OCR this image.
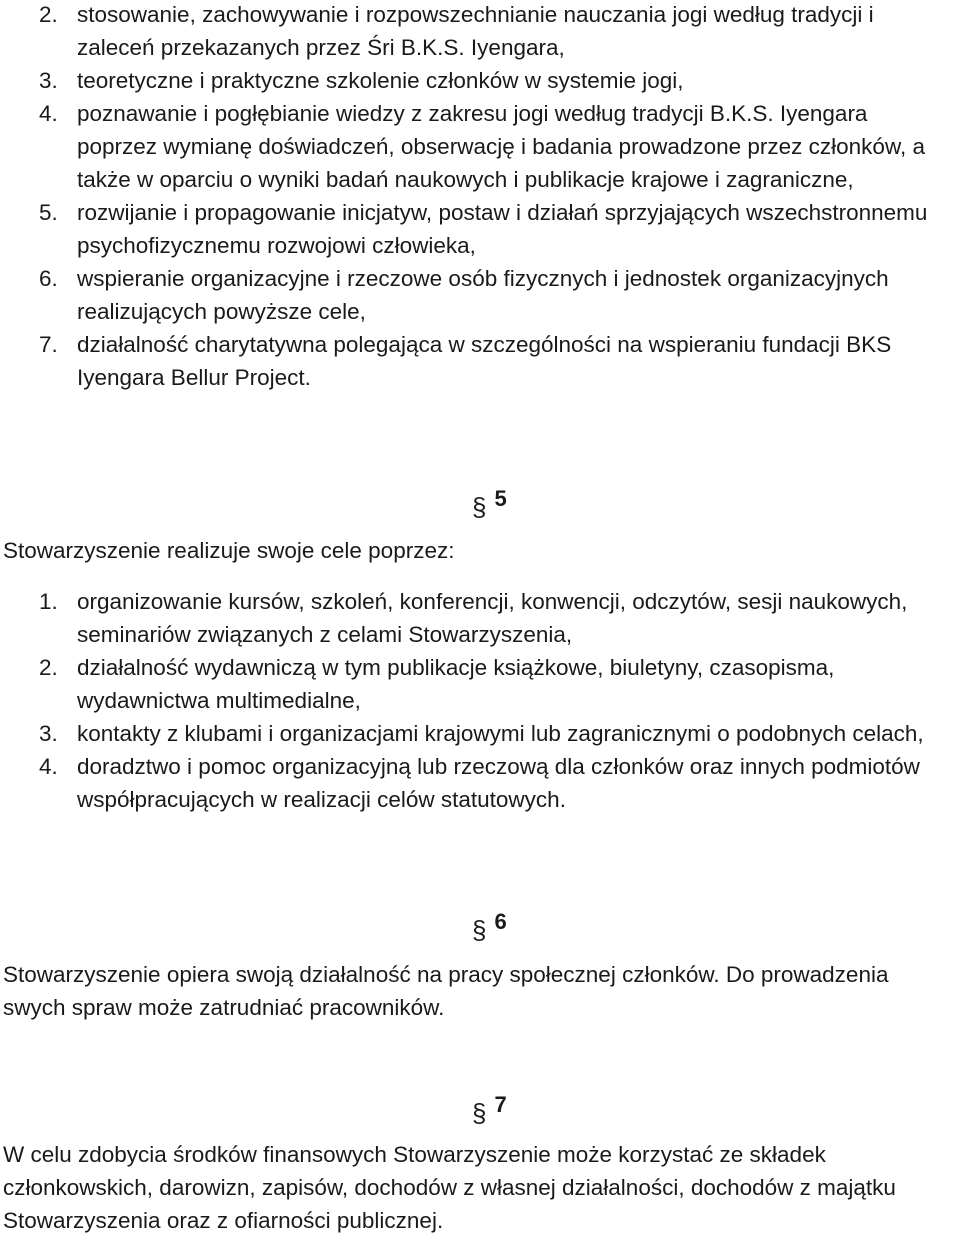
2. stosowanie, zachowywanie i rozpowszechnianie nauczania jogi według tradycji i zaleceń przekazanych przez Śri B.K.S. Iyengara,
3. teoretyczne i praktyczne szkolenie członków w systemie jogi,
4. poznawanie i pogłębianie wiedzy z zakresu jogi według tradycji B.K.S. Iyengara poprzez wymianę doświadczeń, obserwację i badania prowadzone przez członków, a także w oparciu o wyniki badań naukowych i publikacje krajowe i zagraniczne,
5. rozwijanie i propagowanie inicjatyw, postaw i działań sprzyjających wszechstronnemu psychofizycznemu rozwojowi człowieka,
6. wspieranie organizacyjne i rzeczowe osób fizycznych i jednostek organizacyjnych realizujących powyższe cele,
7. działalność charytatywna polegająca w szczególności na wspieraniu fundacji BKS Iyengara Bellur Project.
§ 5
Stowarzyszenie realizuje swoje cele poprzez:
1. organizowanie kursów, szkoleń, konferencji, konwencji, odczytów, sesji naukowych, seminariów związanych z celami Stowarzyszenia,
2. działalność wydawniczą w tym publikacje książkowe, biuletyny, czasopisma, wydawnictwa multimedialne,
3. kontakty z klubami i organizacjami krajowymi lub zagranicznymi o podobnych celach,
4. doradztwo i pomoc organizacyjną lub rzeczową dla członków oraz innych podmiotów współpracujących w realizacji celów statutowych.
§ 6
Stowarzyszenie opiera swoją działalność na pracy społecznej członków. Do prowadzenia swych spraw może zatrudniać pracowników.
§ 7
W celu zdobycia środków finansowych Stowarzyszenie może korzystać ze składek członkowskich, darowizn, zapisów, dochodów z własnej działalności, dochodów z majątku Stowarzyszenia oraz z ofiarności publicznej.
